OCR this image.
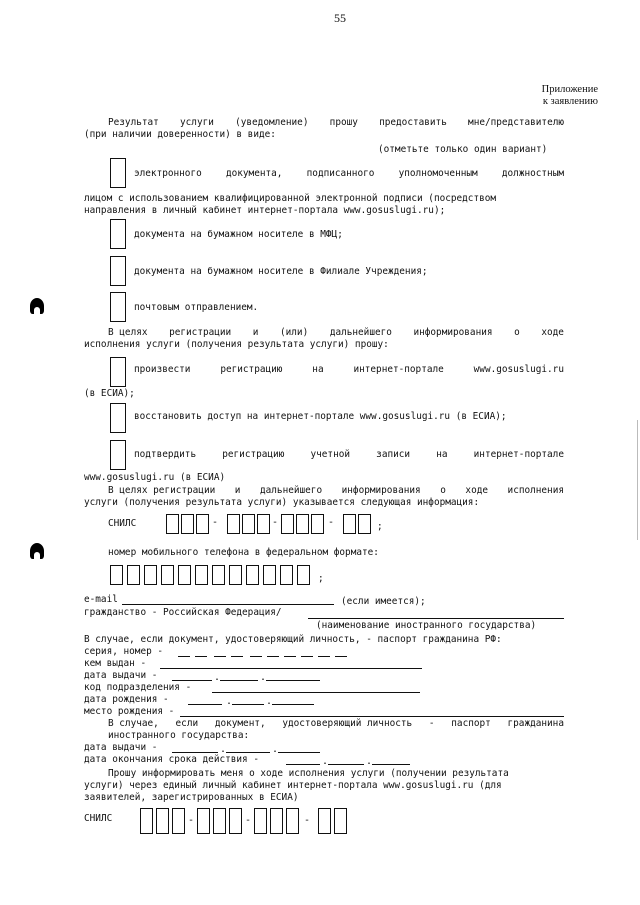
55
Приложение
к заявлению
Результат услуги (уведомление) прошу предоставить мне/представителю
(при наличии доверенности) в виде:
(отметьте только один вариант)
электронного	документа,	подписанного	уполномоченным	должностным
лицом с использованием квалифицированной электронной подписи (посредством
направления в личный кабинет интернет-портала www.gosuslugi.ru);
документа на бумажном носителе в МФЦ;
документа на бумажном носителе в Филиале Учреждения;
почтовым отправлением.
В целях регистрации и (или) дальнейшего информирования о ходе
исполнения услуги (получения результата услуги) прошу:
произвести	регистрацию	на	интернет-портале	www.gosuslugi.ru
(в ЕСИА);
восстановить доступ на интернет-портале www.gosuslugi.ru (в ЕСИА);
подтвердить	регистрацию	учетной	записи	на	интернет-портале
www.gosuslugi.ru (в ЕСИА)
В целях регистрации и дальнейшего информирования о ходе исполнения
услуги (получения результата услуги) указывается следующая информация:
СНИЛС	-	-	-	;
номер мобильного телефона в федеральном формате:
;
e-mail	(если имеется);
гражданство - Российская Федерация/
(наименование иностранного государства)
В случае, если документ, удостоверяющий личность, - паспорт гражданина РФ:
серия, номер -
кем выдан -
дата выдачи -	.	.
код подразделения -
дата рождения -	.	.
место рождения -
В случае, если документ, удостоверяющий личность - паспорт гражданина
иностранного государства:
дата выдачи -	.	.
дата окончания срока действия -	.	.
Прошу информировать меня о ходе исполнения услуги (получении результата
услуги) через единый личный кабинет интернет-портала www.gosuslugi.ru (для
заявителей, зарегистрированных в ЕСИА)
СНИЛС	-	-	-
